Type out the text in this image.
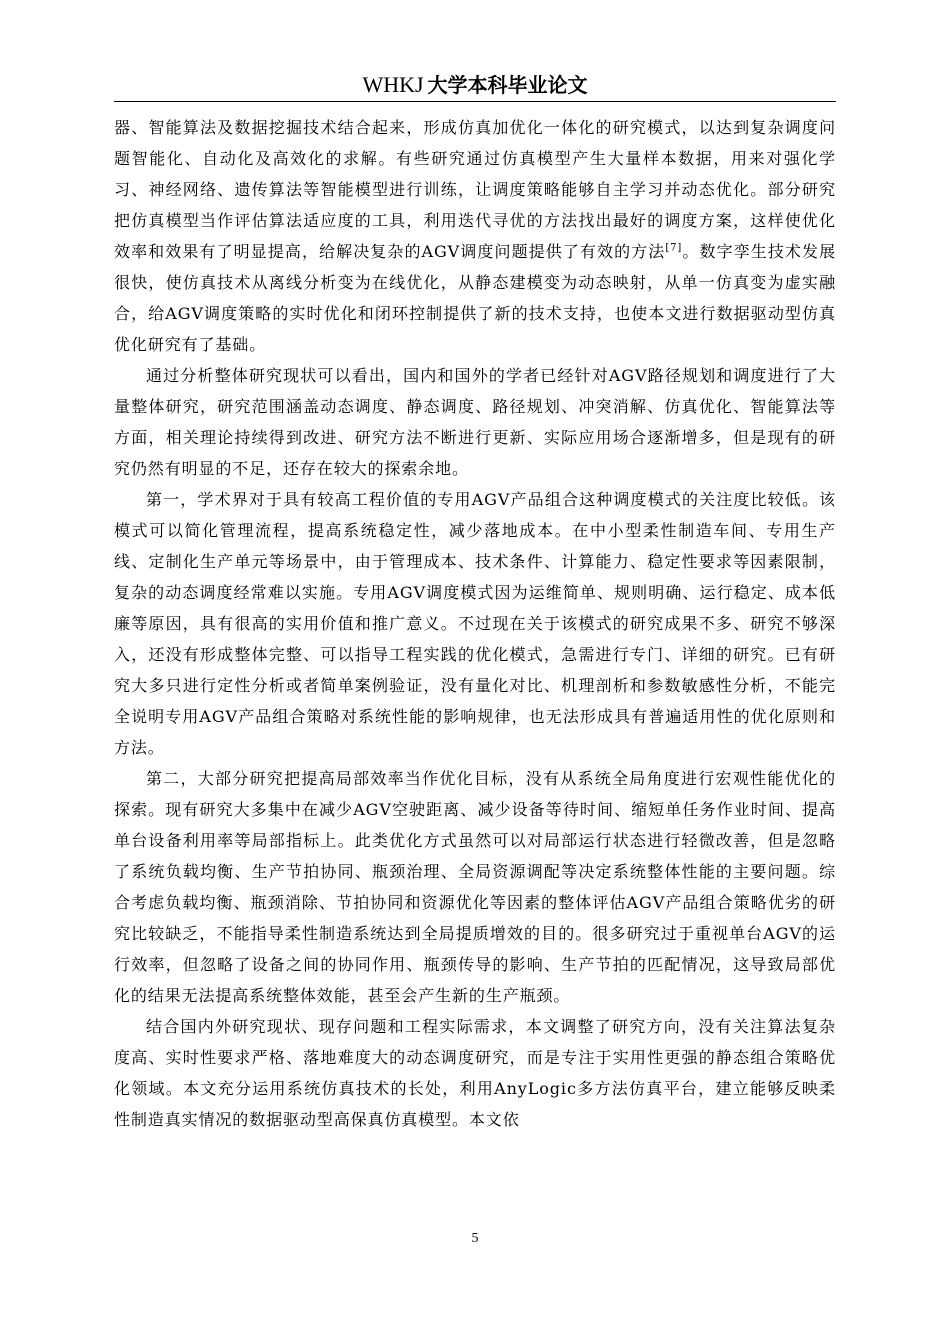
WHKJ 大学本科毕业论文

器、智能算法及数据挖掘技术结合起来，形成仿真加优化一体化的研究模式，以达到复杂调度问题智能化、自动化及高效化的求解。有些研究通过仿真模型产生大量样本数据，用来对强化学习、神经网络、遗传算法等智能模型进行训练，让调度策略能够自主学习并动态优化。部分研究把仿真模型当作评估算法适应度的工具，利用迭代寻优的方法找出最好的调度方案，这样使优化效率和效果有了明显提高，给解决复杂的AGV调度问题提供了有效的方法[7]。数字孪生技术发展很快，使仿真技术从离线分析变为在线优化，从静态建模变为动态映射，从单一仿真变为虚实融合，给AGV调度策略的实时优化和闭环控制提供了新的技术支持，也使本文进行数据驱动型仿真优化研究有了基础。

通过分析整体研究现状可以看出，国内和国外的学者已经针对AGV路径规划和调度进行了大量整体研究，研究范围涵盖动态调度、静态调度、路径规划、冲突消解、仿真优化、智能算法等方面，相关理论持续得到改进、研究方法不断进行更新、实际应用场合逐渐增多，但是现有的研究仍然有明显的不足，还存在较大的探索余地。

第一，学术界对于具有较高工程价值的专用AGV产品组合这种调度模式的关注度比较低。该模式可以简化管理流程，提高系统稳定性，减少落地成本。在中小型柔性制造车间、专用生产线、定制化生产单元等场景中，由于管理成本、技术条件、计算能力、稳定性要求等因素限制，复杂的动态调度经常难以实施。专用AGV调度模式因为运维简单、规则明确、运行稳定、成本低廉等原因，具有很高的实用价值和推广意义。不过现在关于该模式的研究成果不多、研究不够深入，还没有形成整体完整、可以指导工程实践的优化模式，急需进行专门、详细的研究。已有研究大多只进行定性分析或者简单案例验证，没有量化对比、机理剖析和参数敏感性分析，不能完全说明专用AGV产品组合策略对系统性能的影响规律，也无法形成具有普遍适用性的优化原则和方法。

第二，大部分研究把提高局部效率当作优化目标，没有从系统全局角度进行宏观性能优化的探索。现有研究大多集中在减少AGV空驶距离、减少设备等待时间、缩短单任务作业时间、提高单台设备利用率等局部指标上。此类优化方式虽然可以对局部运行状态进行轻微改善，但是忽略了系统负载均衡、生产节拍协同、瓶颈治理、全局资源调配等决定系统整体性能的主要问题。综合考虑负载均衡、瓶颈消除、节拍协同和资源优化等因素的整体评估AGV产品组合策略优劣的研究比较缺乏，不能指导柔性制造系统达到全局提质增效的目的。很多研究过于重视单台AGV的运行效率，但忽略了设备之间的协同作用、瓶颈传导的影响、生产节拍的匹配情况，这导致局部优化的结果无法提高系统整体效能，甚至会产生新的生产瓶颈。

结合国内外研究现状、现存问题和工程实际需求，本文调整了研究方向，没有关注算法复杂度高、实时性要求严格、落地难度大的动态调度研究，而是专注于实用性更强的静态组合策略优化领域。本文充分运用系统仿真技术的长处，利用AnyLogic多方法仿真平台，建立能够反映柔性制造真实情况的数据驱动型高保真仿真模型。本文依

5
